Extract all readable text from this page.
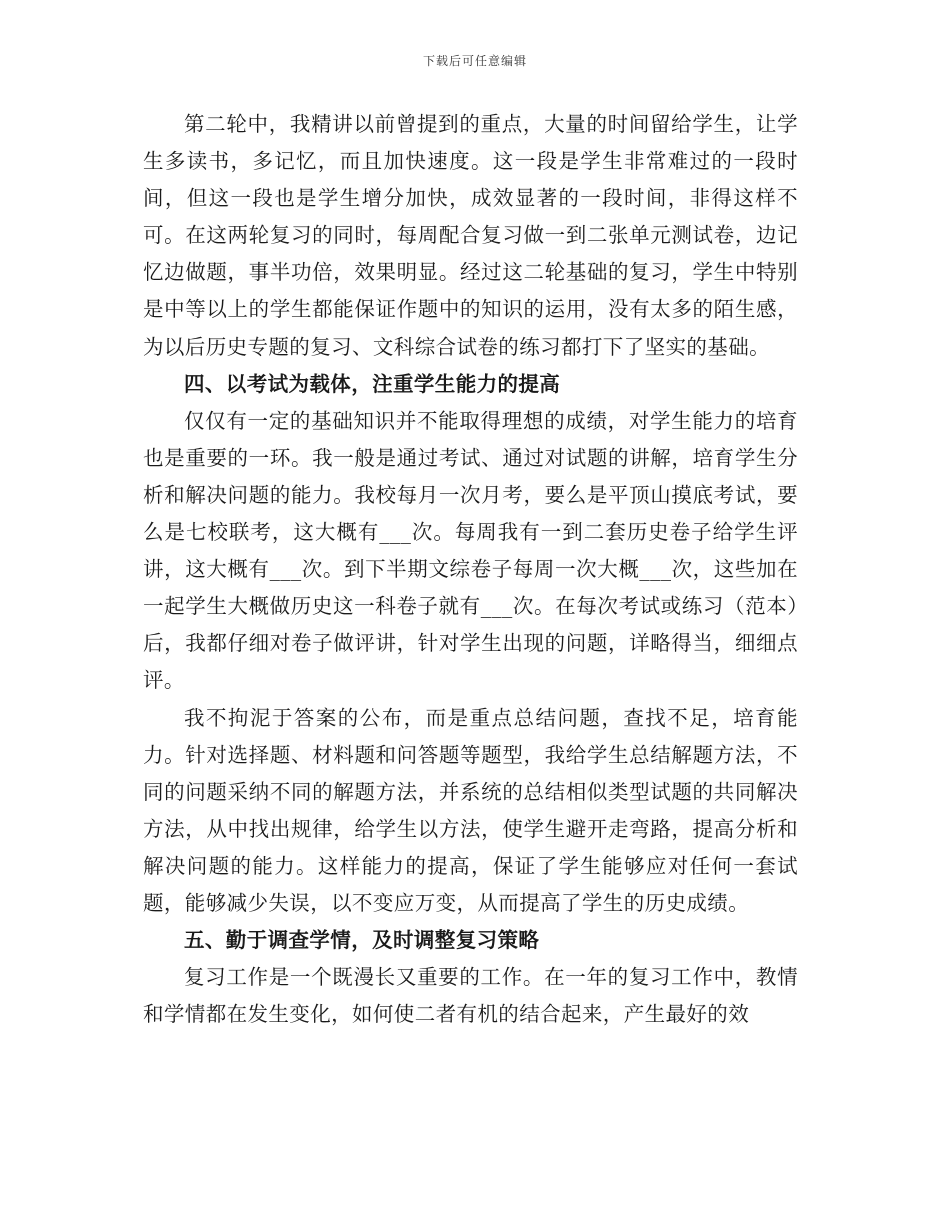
下载后可任意编辑

第二轮中，我精讲以前曾提到的重点，大量的时间留给学生，让学生多读书，多记忆，而且加快速度。这一段是学生非常难过的一段时间，但这一段也是学生增分加快，成效显著的一段时间，非得这样不可。在这两轮复习的同时，每周配合复习做一到二张单元测试卷，边记忆边做题，事半功倍，效果明显。经过这二轮基础的复习，学生中特别是中等以上的学生都能保证作题中的知识的运用，没有太多的陌生感，为以后历史专题的复习、文科综合试卷的练习都打下了坚实的基础。

四、以考试为载体，注重学生能力的提高

仅仅有一定的基础知识并不能取得理想的成绩，对学生能力的培育也是重要的一环。我一般是通过考试、通过对试题的讲解，培育学生分析和解决问题的能力。我校每月一次月考，要么是平顶山摸底考试，要么是七校联考，这大概有___次。每周我有一到二套历史卷子给学生评讲，这大概有___次。到下半期文综卷子每周一次大概___次，这些加在一起学生大概做历史这一科卷子就有___次。在每次考试或练习（范本）后，我都仔细对卷子做评讲，针对学生出现的问题，详略得当，细细点评。

我不拘泥于答案的公布，而是重点总结问题，查找不足，培育能力。针对选择题、材料题和问答题等题型，我给学生总结解题方法，不同的问题采纳不同的解题方法，并系统的总结相似类型试题的共同解决方法，从中找出规律，给学生以方法，使学生避开走弯路，提高分析和解决问题的能力。这样能力的提高，保证了学生能够应对任何一套试题，能够减少失误，以不变应万变，从而提高了学生的历史成绩。

五、勤于调查学情，及时调整复习策略

复习工作是一个既漫长又重要的工作。在一年的复习工作中，教情和学情都在发生变化，如何使二者有机的结合起来，产生最好的效
